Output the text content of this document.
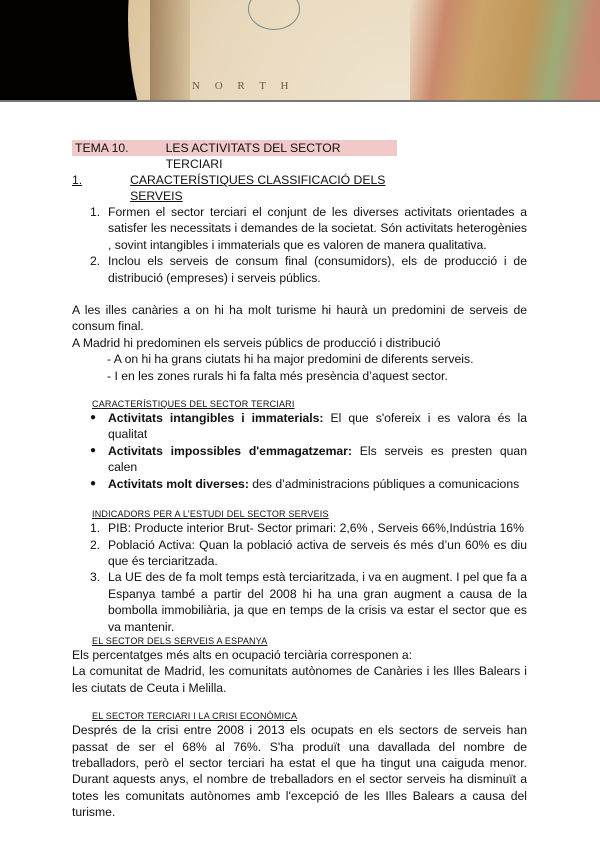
N O R T H
TEMA 10.	LES ACTIVITATS DEL SECTOR TERCIARI
1.	CARACTERÍSTIQUES CLASSIFICACIÓ DELS SERVEIS
1. Formen el sector terciari el conjunt de les diverses activitats orientades a satisfer les necessitats i demandes de la societat. Són activitats heterogènies , sovint intangibles i immaterials que es valoren de manera qualitativa.
2. Inclou els serveis de consum final (consumidors), els de producció i de distribució (empreses) i serveis públics.
A les illes canàries a on hi ha molt turisme hi haurà un predomini de serveis de consum final.
A Madrid hi predominen els serveis públics de producció i distribució
- A on hi ha grans ciutats hi ha major predomini de diferents serveis.
- I en les zones rurals hi fa falta més presència d’aquest sector.
CARACTERÍSTIQUES DEL SECTOR TERCIARI
● Activitats intangibles i immaterials: El que s'ofereix i es valora és la qualitat
● Activitats impossibles d'emmagatzemar: Els serveis es presten quan calen
● Activitats molt diverses: des d’administracions públiques a comunicacions
INDICADORS PER A L’ESTUDI DEL SECTOR SERVEIS
1. PIB: Producte interior Brut- Sector primari: 2,6% , Serveis 66%,Indústria 16%
2. Població Activa: Quan la població activa de serveis és més d’un 60% es diu que és terciaritzada.
3. La UE des de fa molt temps està terciaritzada, i va en augment. I pel que fa a Espanya també a partir del 2008 hi ha una gran augment a causa de la bombolla immobiliària, ja que en temps de la crisis va estar el sector que es va mantenir.
EL SECTOR DELS SERVEIS A ESPANYA
Els percentatges més alts en ocupació terciària corresponen a:
La comunitat de Madrid, les comunitats autònomes de Canàries i les Illes Balears i les ciutats de Ceuta i Melilla.
EL SECTOR TERCIARI I LA CRISI ECONÒMICA
Després de la crisi entre 2008 i 2013 els ocupats en els sectors de serveis han passat de ser el 68% al 76%. S'ha produït una davallada del nombre de treballadors, però el sector terciari ha estat el que ha tingut una caiguda menor. Durant aquests anys, el nombre de treballadors en el sector serveis ha disminuït a totes les comunitats autònomes amb l'excepció de les Illes Balears a causa del turisme.
